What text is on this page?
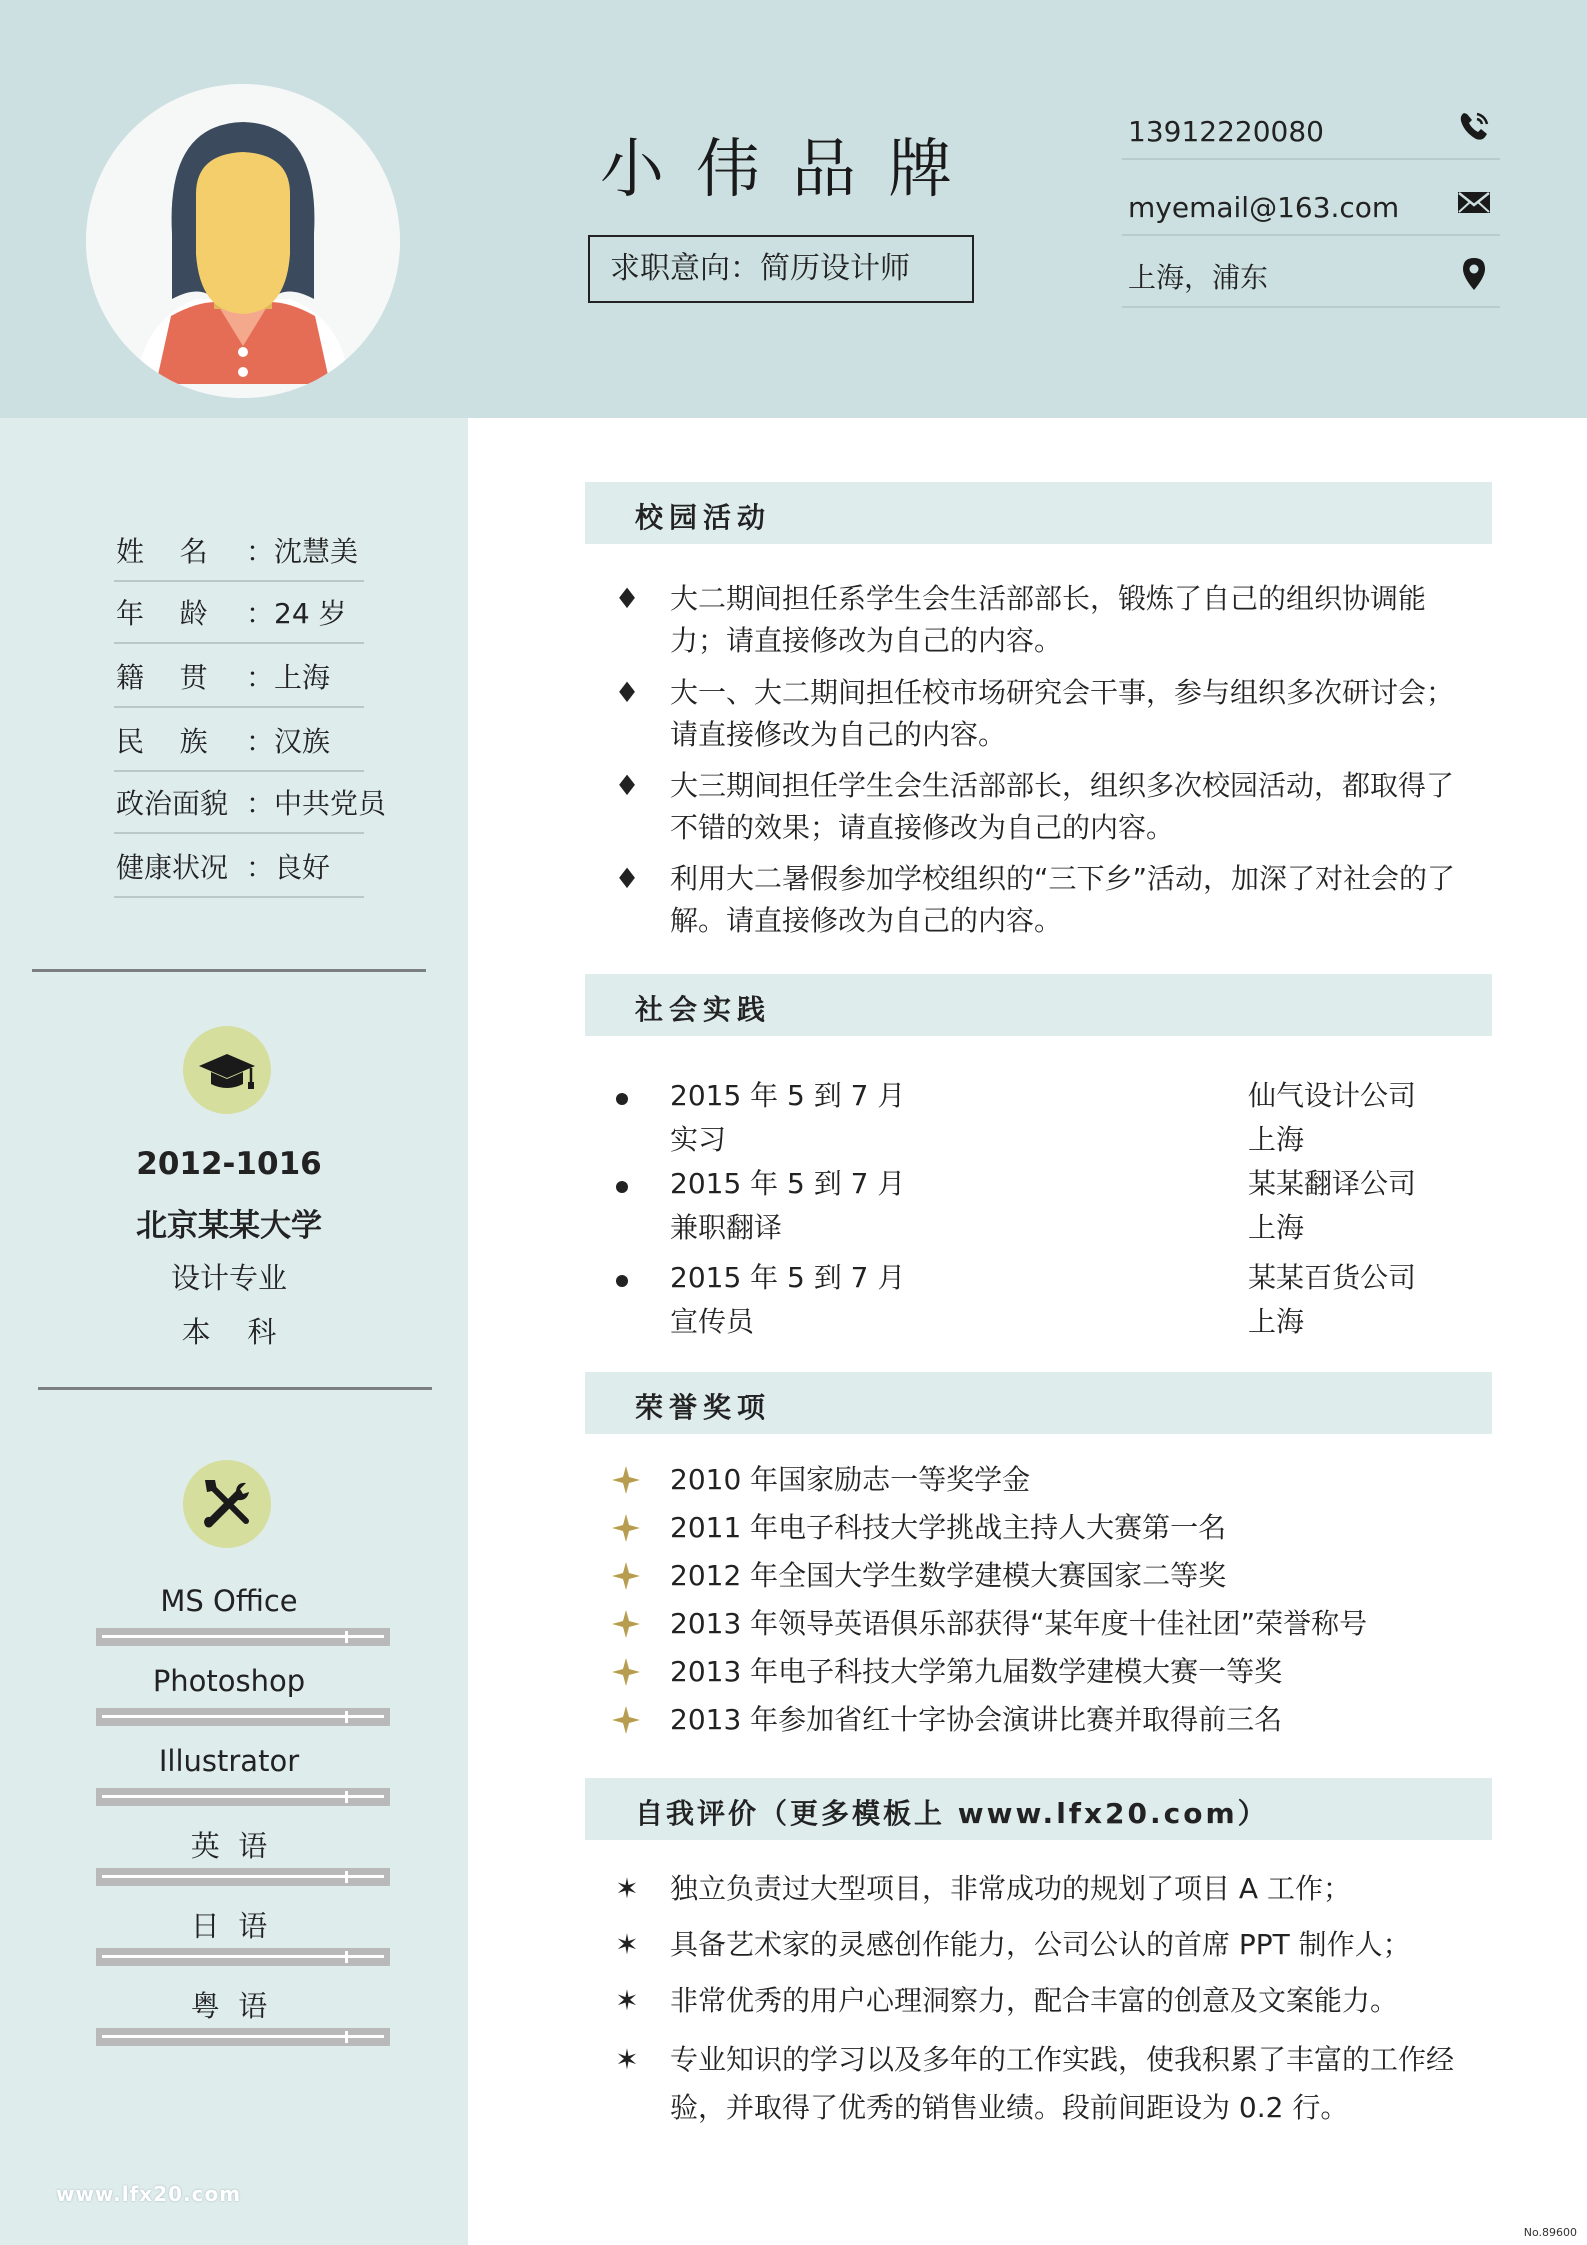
小伟品牌
求职意向：简历设计师
13912220080
myemail@163.com
上海，浦东
姓    名 ：沈慧美
年    龄 ：24 岁
籍    贯 ：上海
民    族 ：汉族
政治面貌 ：中共党员
健康状况 ：良好
2012-1016
北京某某大学
设计专业
本    科
MS Office
Photoshop
Illustrator
英  语
日  语
粤  语
www.lfx20.com
校园活动
♦ 大二期间担任系学生会生活部部长，锻炼了自己的组织协调能力；请直接修改为自己的内容。
♦ 大一、大二期间担任校市场研究会干事，参与组织多次研讨会；请直接修改为自己的内容。
♦ 大三期间担任学生会生活部部长，组织多次校园活动，都取得了不错的效果；请直接修改为自己的内容。
♦ 利用大二暑假参加学校组织的“三下乡”活动，加深了对社会的了解。请直接修改为自己的内容。
社会实践
2015 年 5 到 7 月
实习
仙气设计公司
上海
2015 年 5 到 7 月
兼职翻译
某某翻译公司
上海
2015 年 5 到 7 月
宣传员
某某百货公司
上海
荣誉奖项
2010 年国家励志一等奖学金
2011 年电子科技大学挑战主持人大赛第一名
2012 年全国大学生数学建模大赛国家二等奖
2013 年领导英语俱乐部获得“某年度十佳社团”荣誉称号
2013 年电子科技大学第九届数学建模大赛一等奖
2013 年参加省红十字协会演讲比赛并取得前三名
自我评价（更多模板上 www.lfx20.com）
✶ 独立负责过大型项目，非常成功的规划了项目 A 工作；
✶ 具备艺术家的灵感创作能力，公司公认的首席 PPT 制作人；
✶ 非常优秀的用户心理洞察力，配合丰富的创意及文案能力。
✶ 专业知识的学习以及多年的工作实践，使我积累了丰富的工作经验，并取得了优秀的销售业绩。段前间距设为 0.2 行。
No.89600
